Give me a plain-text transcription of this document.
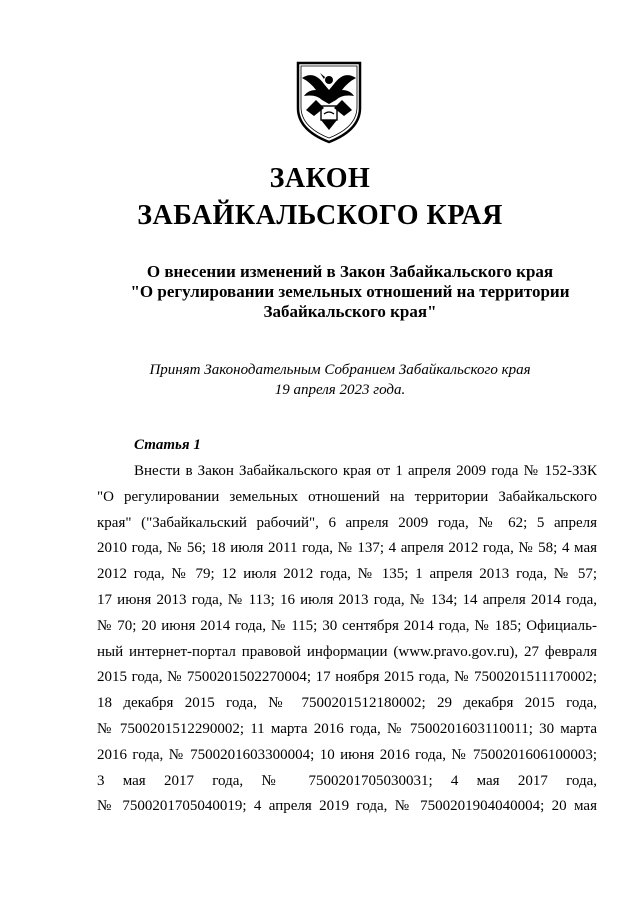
ЗАКОН
ЗАБАЙКАЛЬСКОГО КРАЯ
О внесении изменений в Закон Забайкальского края
"О регулировании земельных отношений на территории
Забайкальского края"
Принят Законодательным Собранием Забайкальского края
19 апреля 2023 года.
Статья 1
Внести в Закон Забайкальского края от 1 апреля 2009 года № 152-ЗЗК
"О регулировании земельных отношений на территории Забайкальского
края" ("Забайкальский рабочий", 6 апреля 2009 года, № 62; 5 апреля
2010 года, № 56; 18 июля 2011 года, № 137; 4 апреля 2012 года, № 58; 4 мая
2012 года, № 79; 12 июля 2012 года, № 135; 1 апреля 2013 года, № 57;
17 июня 2013 года, № 113; 16 июля 2013 года, № 134; 14 апреля 2014 года,
№ 70; 20 июня 2014 года, № 115; 30 сентября 2014 года, № 185; Официаль-
ный интернет-портал правовой информации (www.pravo.gov.ru), 27 февраля
2015 года, № 7500201502270004; 17 ноября 2015 года, № 7500201511170002;
18 декабря 2015 года, № 7500201512180002; 29 декабря 2015 года,
№ 7500201512290002; 11 марта 2016 года, № 7500201603110011; 30 марта
2016 года, № 7500201603300004; 10 июня 2016 года, № 7500201606100003;
3 мая 2017 года, № 7500201705030031; 4 мая 2017 года,
№ 7500201705040019; 4 апреля 2019 года, № 7500201904040004; 20 мая
